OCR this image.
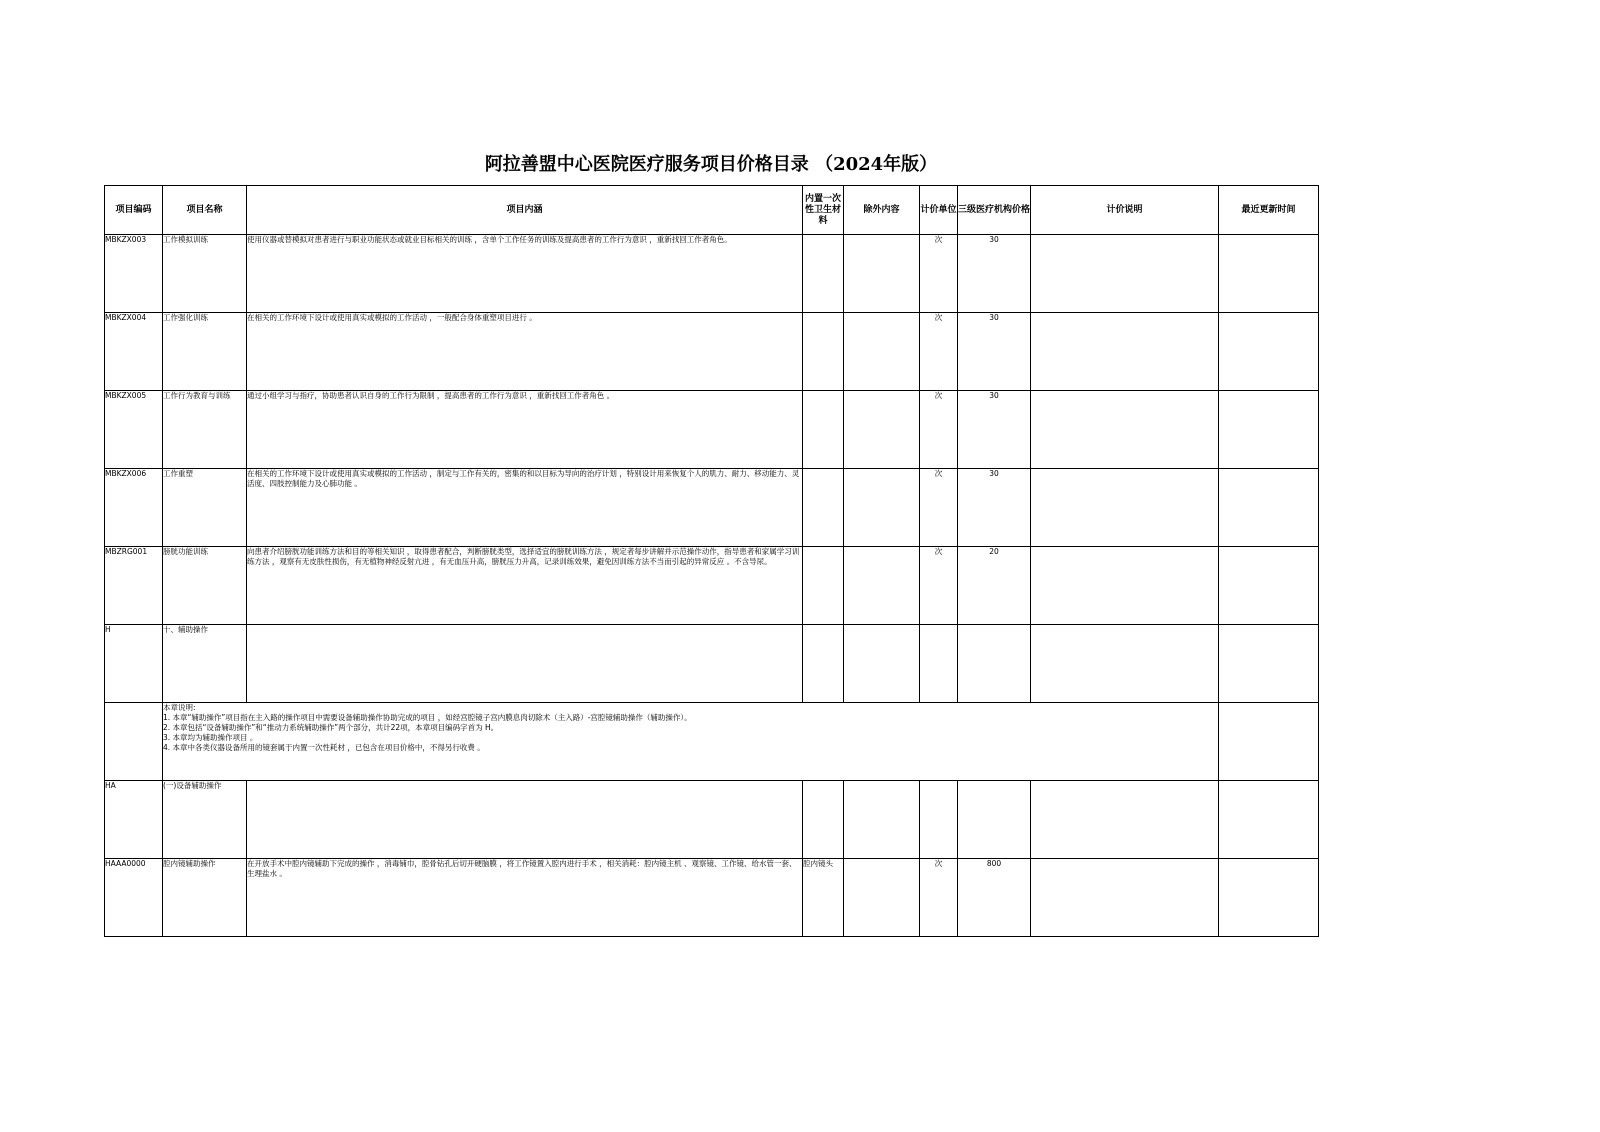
阿拉善盟中心医院医疗服务项目价格目录 （2024年版）
项目编码	项目名称	项目内涵	内置一次性卫生材料	除外内容	计价单位	三级医疗机构价格	计价说明	最近更新时间
MBKZX003	工作模拟训练	使用仪器或替模拟对患者进行与职业功能状态或就业目标相关的训练 ，含单个工作任务的训练及提高患者的工作行为意识 ，重新找回工作者角色。			次	30		
MBKZX004	工作强化训练	在相关的工作环境下设计或使用真实或模拟的工作活动 ，一般配合身体重塑项目进行 。			次	30		
MBKZX005	工作行为教育与训练	通过小组学习与指疗，协助患者认识自身的工作行为限制 ，提高患者的工作行为意识 ，重新找回工作者角色 。			次	30		
MBKZX006	工作重塑	在相关的工作环境下设计或使用真实或模拟的工作活动 ，制定与工作有关的，密集的和以目标为导向的治疗计划 ，特别设计用来恢复个人的肌力、耐力、移动能力、灵活度、四肢控制能力及心肺功能 。			次	30		
MBZRG001	膀胱功能训练	向患者介绍膀胱功能训练方法和目的等相关知识 ，取得患者配合，判断膀胱类型，选择适宜的膀胱训练方法 ，规定者每步讲解并示范操作动作，指导患者和家属学习训练方法 ，观察有无皮肤性损伤，有无植物神经反射亢进 ，有无血压升高，膀胱压力升高，记录训练效果，避免因训练方法不当而引起的异常反应 。不含导尿。			次	20		
H	十、辅助操作							

	本章说明:
1. 本章“辅助操作”项目指在主入路的操作项目中需要设备辅助操作协助完成的项目 ，如经宫腔镜子宫内膜息肉切除术（主入路）-宫腔镜辅助操作（辅助操作）。
2. 本章包括“设备辅助操作”和“推动力系统辅助操作”两个部分，共计22项，本章项目编码字首为 H。
3. 本章均为辅助操作项目 。
4. 本章中各类仪器设备所用的镜套属于内置一次性耗材 ，已包含在项目价格中，不得另行收费 。							

HA	(一)设备辅助操作							
HAAA0000	腔内镜辅助操作	在开放手术中腔内镜辅助下完成的操作 ，消毒铺巾，腔骨钻孔后切开硬脑膜 ，将工作镜置入腔内进行手术 ，相关消耗：腔内镜主机 、观察镜、工作镜、给水管一套、生理盐水 。	腔内镜头		次	800		
